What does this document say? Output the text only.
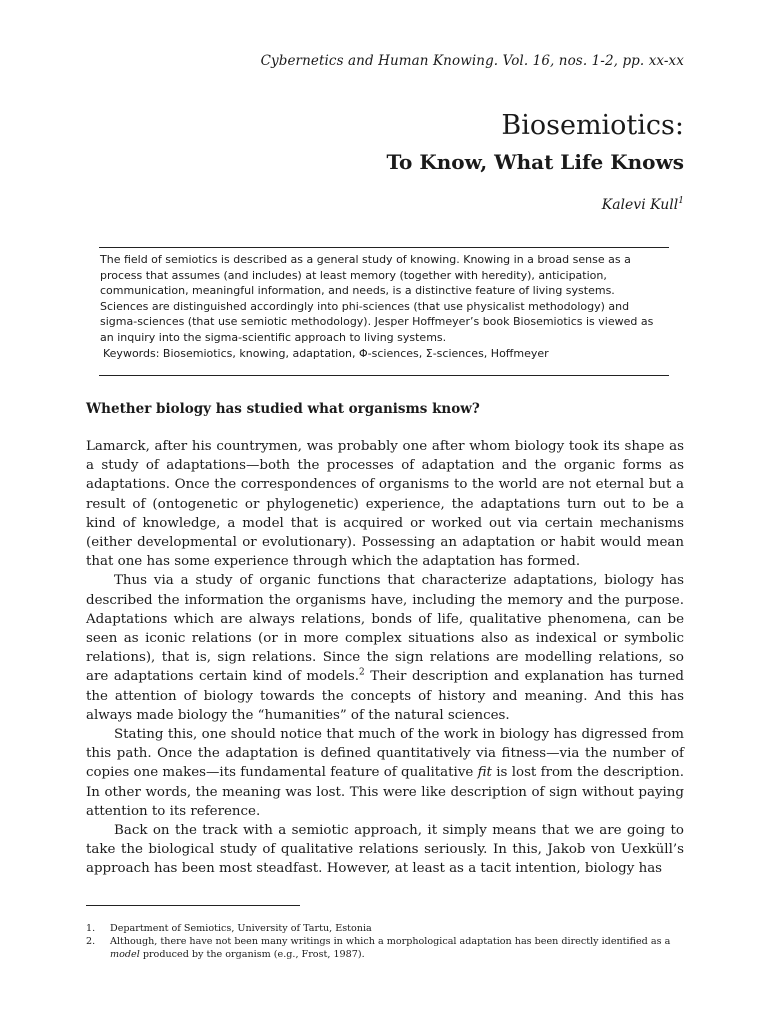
Cybernetics and Human Knowing. Vol. 16, nos. 1-2, pp. xx-xx
Biosemiotics:
To Know, What Life Knows
Kalevi Kull$^1$

The field of semiotics is described as a general study of knowing. Knowing in a broad sense as a process that assumes (and includes) at least memory (together with heredity), anticipation, communication, meaningful information, and needs, is a distinctive feature of living systems. Sciences are distinguished accordingly into phi-sciences (that use physicalist methodology) and sigma-sciences (that use semiotic methodology). Jesper Hoffmeyer’s book Biosemiotics is viewed as an inquiry into the sigma-scientific approach to living systems.

Keywords: Biosemiotics, knowing, adaptation, Φ-sciences, Σ-sciences, Hoffmeyer

Whether biology has studied what organisms know?

Lamarck, after his countrymen, was probably one after whom biology took its shape as a study of adaptations—both the processes of adaptation and the organic forms as adaptations. Once the correspondences of organisms to the world are not eternal but a result of (ontogenetic or phylogenetic) experience, the adaptations turn out to be a kind of knowledge, a model that is acquired or worked out via certain mechanisms (either developmental or evolutionary). Possessing an adaptation or habit would mean that one has some experience through which the adaptation has formed.

Thus via a study of organic functions that characterize adaptations, biology has described the information the organisms have, including the memory and the purpose. Adaptations which are always relations, bonds of life, qualitative phenomena, can be seen as iconic relations (or in more complex situations also as indexical or symbolic relations), that is, sign relations. Since the sign relations are modelling relations, so are adaptations certain kind of models.$^2$ Their description and explanation has turned the attention of biology towards the concepts of history and meaning. And this has always made biology the “humanities” of the natural sciences.

Stating this, one should notice that much of the work in biology has digressed from this path. Once the adaptation is defined quantitatively via fitness—via the number of copies one makes—its fundamental feature of qualitative fit is lost from the description. In other words, the meaning was lost. This were like description of sign without paying attention to its reference.

Back on the track with a semiotic approach, it simply means that we are going to take the biological study of qualitative relations seriously. In this, Jakob von Uexküll’s approach has been most steadfast. However, at least as a tacit intention, biology has

1. Department of Semiotics, University of Tartu, Estonia
2. Although, there have not been many writings in which a morphological adaptation has been directly identified as a model produced by the organism (e.g., Frost, 1987).
